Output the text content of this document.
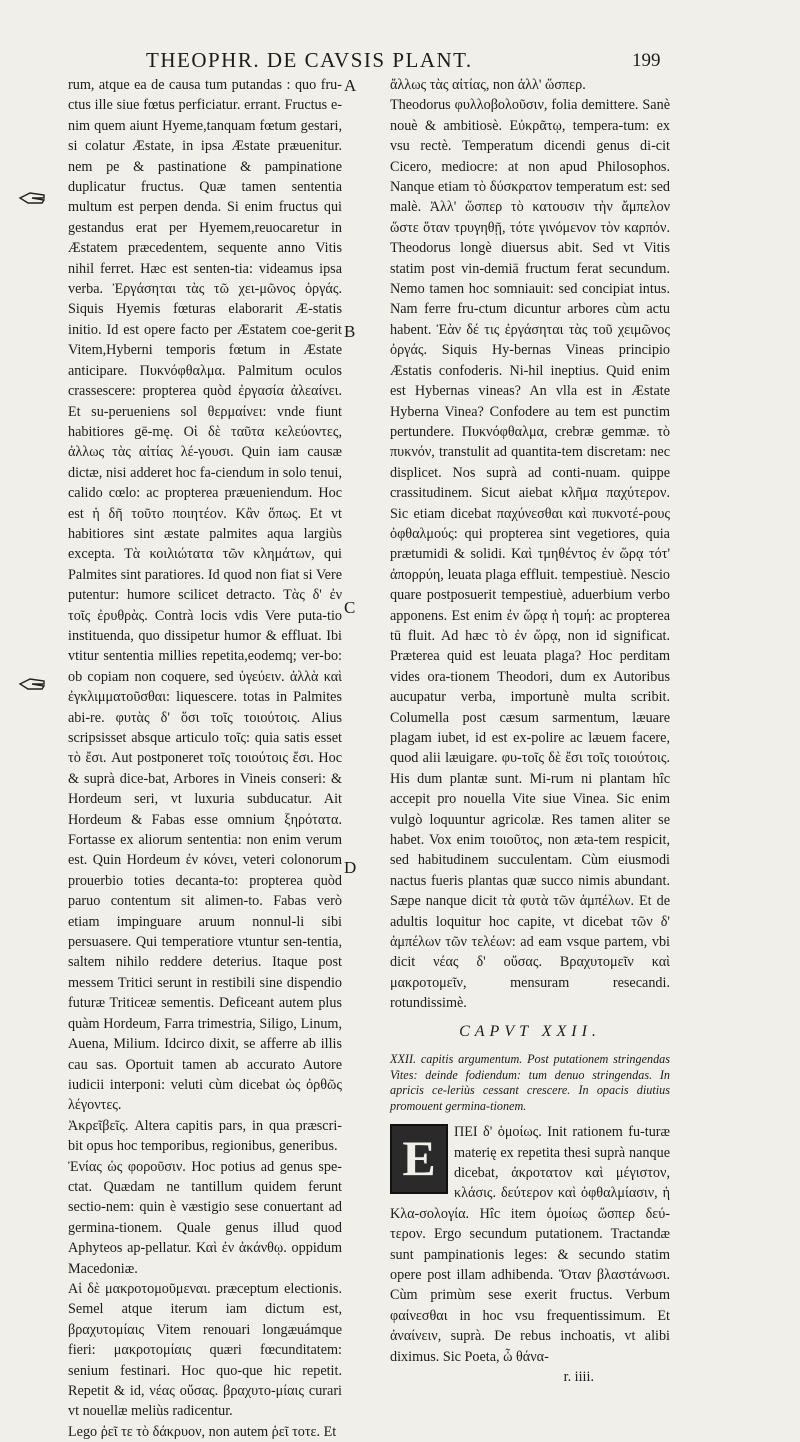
THEOPHR. DE CAVSIS PLANT.	199
A
B
C
D

rum, atque ea de causa tum putandas : quo fru-ctus ille siue fœtus perficiatur. errant. Fructus e-nim quem aiunt Hyeme,tanquam fœtum gestari, si colatur Æstate, in ipsa Æstate præuenitur. nem pe & pastinatione & pampinatione duplicatur fructus. Quæ tamen sententia multum est perpen denda. Si enim fructus qui gestandus erat per Hyemem,reuocaretur in Æstatem præcedentem, sequente anno Vitis nihil ferret. Hæc est senten-tia: videamus ipsa verba. Ἐργάσηται τὰς τῶ χει-μῶνος ὀργάς. Siquis Hyemis fœturas elaborarit Æ-statis initio. Id est opere facto per Æstatem coe-gerit Vitem,Hyberni temporis fœtum in Æstate anticipare. Πυκνόφθαλμα. Palmitum oculos crassescere: propterea quòd ἐργασία ἀλεαίνει. Et su-perueniens sol θερμαίνει: vnde fiunt habitiores gē-mę. Οἱ δὲ ταῦτα κελεύοντες, ἀλλως τὰς αἰτίας λέ-γουσι. Quin iam causæ dictæ, nisi adderet hoc fa-ciendum in solo tenui, calido cœlo: ac propterea præueniendum. Hoc est ἡ δῆ τοῦτο ποιητέον. Κἂν ὅπως. Et vt habitiores sint æstate palmites aqua largiùs excepta. Τὰ κοιλιώτατα τῶν κλημάτων, qui Palmites sint paratiores. Id quod non fiat si Vere putentur: humore scilicet detracto. Τὰς δ' ἐν τοῖς ἐρυθρὰς. Contrà locis vdis Vere puta-tio instituenda, quo dissipetur humor & effluat. Ibi vtitur sententia millies repetita,eodemq; ver-bo: ob copiam non coquere, sed ὑγεύειν. ἀλλὰ καὶ ἐγκλιμματοῦσθαι: liquescere. totas in Palmites abi-re. φυτὰς δ' ὅσι τοῖς τοιούτοις. Alius scripsisset absque articulo τοῖς: quia satis esset τὸ ἔσι. Aut postponeret τοῖς τοιούτοις ἔσι. Hoc & suprà dice-bat, Arbores in Vineis conseri: & Hordeum seri, vt luxuria subducatur. Ait Hordeum & Fabas esse omnium ξηρότατα. Fortasse ex aliorum sententia: non enim verum est. Quin Hordeum ἐν κόνει, veteri colonorum prouerbio toties decanta-to: propterea quòd paruo contentum sit alimen-to. Fabas verò etiam impinguare aruum nonnul-li sibi persuasere. Qui temperatiore vtuntur sen-tentia, saltem nihilo reddere deterius. Itaque post messem Tritici serunt in restibili sine dispendio futuræ Triticeæ sementis. Deficeant autem plus quàm Hordeum, Farra trimestria, Siligo, Linum, Auena, Milium. Idcirco dixit, se afferre ab illis cau sas. Oportuit tamen ab accurato Autore iudicii interponi: veluti cùm dicebat ὡς ὀρθῶς λέγοντες.

Ἀκρεῖβεῖς. Altera capitis pars, in qua præscri-bit opus hoc temporibus, regionibus, generibus.

Ἐνίας ὡς φοροῦσιν. Hoc potius ad genus spe-ctat. Quædam ne tantillum quidem ferunt sectio-nem: quin è væstigio sese conuertant ad germina-tionem. Quale genus illud quod Aphyteos ap-pellatur. Καὶ ἐν ἀκάνθῳ. oppidum Macedoniæ.

Αἱ δὲ μακροτομοῦμεναι. præceptum electionis. Semel atque iterum iam dictum est, βραχυτομίαις Vitem renouari longæuámque fieri: μακροτομίαις quæri fœcunditatem: senium festinari. Hoc quo-que hic repetit. Repetit & id, νέας οὔσας. βραχυτο-μίαις curari vt nouellæ meliùs radicentur.

Lego ῥεῖ τε τὸ δάκρυον, non autem ῥεῖ τοτε. Et

ἄλλως τὰς αἰτίας, non ἀλλ' ὥσπερ.

Theodorus φυλλοβολοῦσιν, folia demittere. Sanè nouè & ambitiosè. Εὐκρᾶτῳ, tempera-tum: ex vsu rectè. Temperatum dicendi genus di-cit Cicero, mediocre: at non apud Philosophos. Nanque etiam τὸ δύσκρατον temperatum est: sed malè. Ἀλλ' ὥσπερ τὸ κατουσιν τὴν ἄμπελον ὥστε ὅταν τρυγηθῇ, τότε γινόμενον τὸν καρπόν. Theodorus longè diuersus abit. Sed vt Vitis statim post vin-demiā fructum ferat secundum. Nemo tamen hoc somniauit: sed concipiat intus. Nam ferre fru-ctum dicuntur arbores cùm actu habent. Ἐὰν δέ τις ἐργάσηται τὰς τοῦ χειμῶνος ὀργάς. Siquis Hy-bernas Vineas principio Æstatis confoderis. Ni-hil ineptius. Quid enim est Hybernas vineas? An vlla est in Æstate Hyberna Vinea? Confodere au tem est punctim pertundere. Πυκνόφθαλμα, crebræ gemmæ. τὸ πυκνόν, transtulit ad quantita-tem discretam: nec displicet. Nos suprà ad conti-nuam. quippe crassitudinem. Sicut aiebat κλῆμα παχύτερον. Sic etiam dicebat παχύνεσθαι καὶ πυκνοτέ-ρους ὀφθαλμούς: qui propterea sint vegetiores, quia prætumidi & solidi. Καὶ τμηθέντος ἐν ὥρᾳ τότ' ἀπορρύη, leuata plaga effluit. tempestiuè. Nescio quare postposuerit tempestiuè, aduerbium verbo apponens. Est enim ἐν ὥρᾳ ἡ τομή: ac propterea tū fluit. Ad hæc τὸ ἐν ὥρᾳ, non id significat. Præterea quid est leuata plaga? Hoc perditam vides ora-tionem Theodori, dum ex Autoribus aucupatur verba, importunè multa scribit. Columella post cæsum sarmentum, læuare plagam iubet, id est ex-polire ac læuem facere, quod alii læuigare. φυ-τοῖς δὲ ἔσι τοῖς τοιούτοις. His dum plantæ sunt. Mi-rum ni plantam hîc accepit pro nouella Vite siue Vinea. Sic enim vulgò loquuntur agricolæ. Res tamen aliter se habet. Vox enim τοιοῦτος, non æta-tem respicit, sed habitudinem succulentam. Cùm eiusmodi nactus fueris plantas quæ succo nimis abundant. Sæpe nanque dicit τὰ φυτὰ τῶν ἀμπέλων. Et de adultis loquitur hoc capite, vt dicebat τῶν δ' ἀμπέλων τῶν τελέων: ad eam vsque partem, vbi dicit νέας δ' οὔσας. Βραχυτομεῖν καὶ μακροτομεῖν, mensuram resecandi. rotundissimè.

CAPVT XXII.

XXII. capitis argumentum. Post putationem stringendas Vites: deinde fodiendum: tum denuo stringendas. In apricis ce-leriùs cessant crescere. In opacis diutius promouent germina-tionem.

E	ΠΕΙ δ' ὁμοίως. Init rationem fu-turæ materię ex repetita thesi suprà nanque dicebat, ἀκροτατον καὶ μέγιστον, κλάσις. δεύτερον καὶ ὀφθαλμίασιν, ἡ Κλα-σολογία. Hîc item ὁμοίως ὥσπερ δεύ-τερον. Ergo secundum putationem. Tractandæ sunt pampinationis leges: & secundo statim opere post illam adhibenda. Ὅταν βλαστάνωσι. Cùm primùm sese exerit fructus. Verbum φαίνεσθαι in hoc vsu frequentissimum. Et ἀναίνειν, suprà. De rebus inchoatis, vt alibi diximus. Sic Poeta, ὦ θάνα-

r. iiii.
